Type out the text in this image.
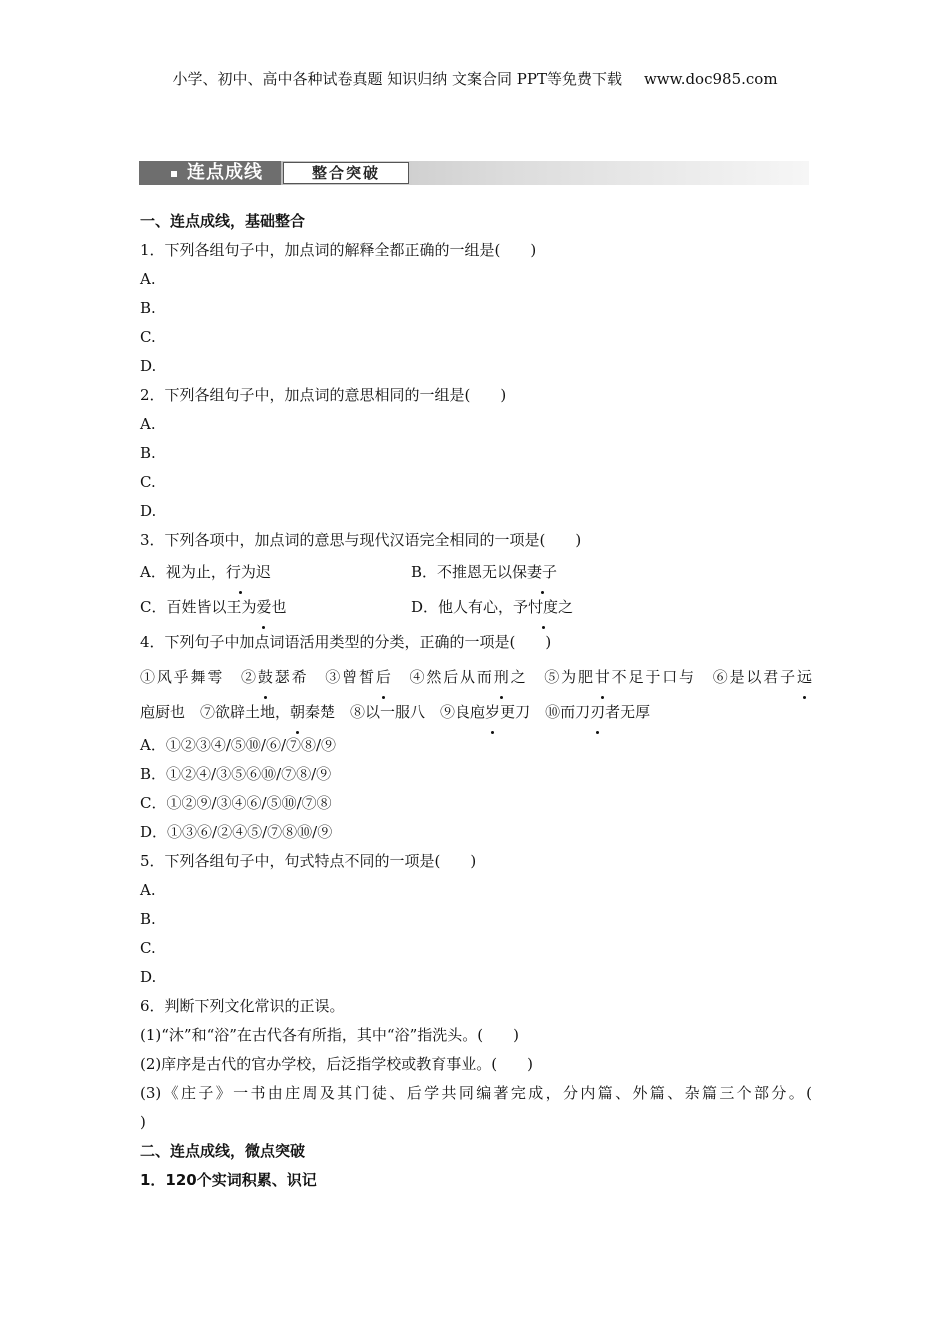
小学、初中、高中各种试卷真题 知识归纳 文案合同 PPT等免费下载 www.doc985.com
连点成线	整合突破
一、连点成线，基础整合
1．下列各组句子中，加点词的解释全都正确的一组是(　　)
A.
B.
C.
D.
2．下列各组句子中，加点词的意思相同的一组是(　　)
A.
B.
C.
D.
3．下列各项中，加点词的意思与现代汉语完全相同的一项是(　　)
A．视为止，行为迟	B．不推恩无以保妻子
C．百姓皆以王为爱也	D．他人有心，予忖度之
4．下列句子中加点词语活用类型的分类，正确的一项是(　　)
①风乎舞雩　②鼓瑟希　③曾皙后　④然后从而刑之　⑤为肥甘不足于口与　⑥是以君子远
庖厨也　⑦欲辟土地，朝秦楚　⑧以一服八　⑨良庖岁更刀　⑩而刀刃者无厚
A．①②③④/⑤⑩/⑥/⑦⑧/⑨
B．①②④/③⑤⑥⑩/⑦⑧/⑨
C．①②⑨/③④⑥/⑤⑩/⑦⑧
D．①③⑥/②④⑤/⑦⑧⑩/⑨
5．下列各组句子中，句式特点不同的一项是(　　)
A.
B.
C.
D.
6．判断下列文化常识的正误。
(1)“沐”和“浴”在古代各有所指，其中“浴”指洗头。(　　)
(2)庠序是古代的官办学校，后泛指学校或教育事业。(　　)
(3)《庄子》一书由庄周及其门徒、后学共同编著完成，分内篇、外篇、杂篇三个部分。(
)
二、连点成线，微点突破
1．120个实词积累、识记
